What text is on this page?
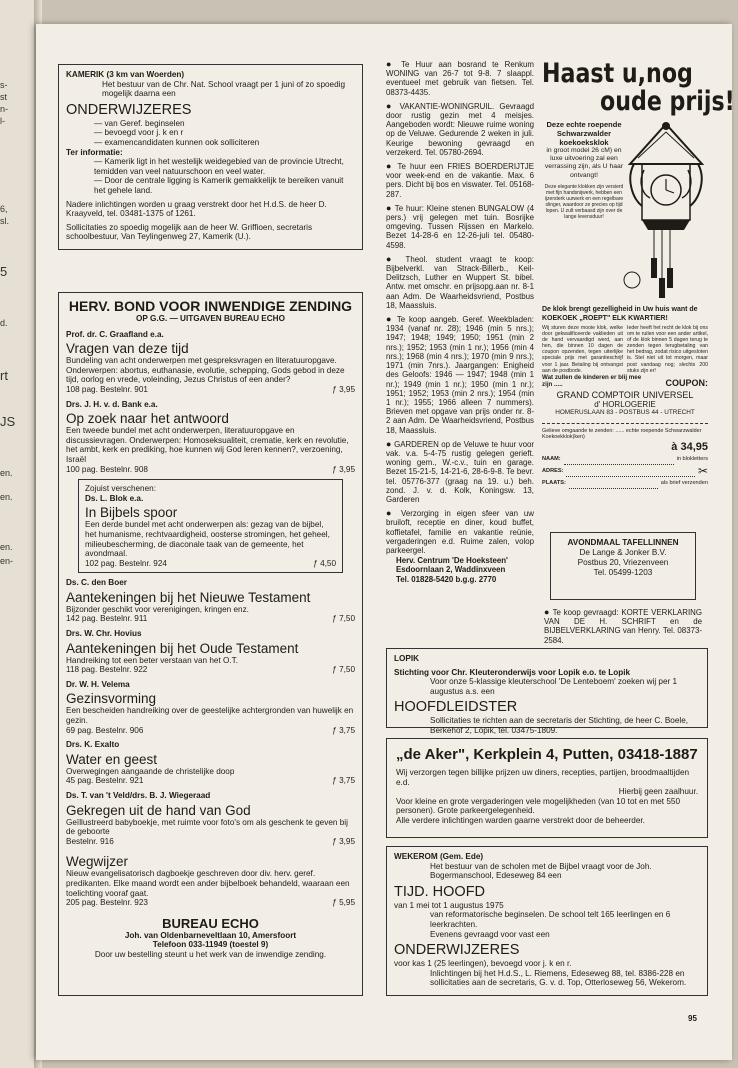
s-
st
n-
l-
6,
sl.
5
d.
rt
JS
en.
en.
en.
en-
KAMERIK (3 km van Woerden)
Het bestuur van de Chr. Nat. School vraagt per 1 juni of zo spoedig mogelijk daarna een
ONDERWIJZERES
— van Geref. beginselen
— bevoegd voor j. k en r
— examencandidaten kunnen ook solliciteren
Ter informatie:
— Kamerik ligt in het westelijk weidegebied van de provincie Utrecht, temidden van veel natuurschoon en veel water.
— Door de centrale ligging is Kamerik gemakkelijk te bereiken vanuit het gehele land.
Nadere inlichtingen worden u graag verstrekt door het H.d.S. de heer D. Kraayveld, tel. 03481-1375 of 1261.
Sollicitaties zo spoedig mogelijk aan de heer W. Griffioen, secretaris schoolbestuur, Van Teylingenweg 27, Kamerik (U.).
HERV. BOND VOOR INWENDIGE ZENDING
OP G.G. — UITGAVEN BUREAU ECHO
Prof. dr. C. Graafland e.a.
Vragen van deze tijd
Bundeling van acht onderwerpen met gespreksvragen en literatuuropgave. Onderwerpen: abortus, euthanasie, evolutie, schepping, Gods gebod in deze tijd, oorlog en vrede, voleinding, Jezus Christus of een ander?
108 pag. Bestelnr. 901	ƒ 3,95
Drs. J. H. v. d. Bank e.a.
Op zoek naar het antwoord
Een tweede bundel met acht onderwerpen, literatuuropgave en discussievragen. Onderwerpen: Homoseksualiteit, crematie, kerk en revolutie, het ambt, kerk en prediking, hoe kunnen wij God leren kennen?, verzoening, Israël
100 pag. Bestelnr. 908	ƒ 3,95
Zojuist verschenen:
Ds. L. Blok e.a.
In Bijbels spoor
Een derde bundel met acht onderwerpen als: gezag van de bijbel, het humanisme, rechtvaardigheid, oosterse stromingen, het geheel, milieubescherming, de diaconale taak van de gemeente, het avondmaal.
102 pag. Bestelnr. 924	ƒ 4,50
Ds. C. den Boer
Aantekeningen bij het Nieuwe Testament
Bijzonder geschikt voor verenigingen, kringen enz.
142 pag. Bestelnr. 911	ƒ 7,50
Drs. W. Chr. Hovius
Aantekeningen bij het Oude Testament
Handreiking tot een beter verstaan van het O.T.
118 pag. Bestelnr. 922	ƒ 7,50
Dr. W. H. Velema
Gezinsvorming
Een bescheiden handreiking over de geestelijke achtergronden van huwelijk en gezin.
69 pag. Bestelnr. 906	ƒ 3,75
Drs. K. Exalto
Water en geest
Overwegingen aangaande de christelijke doop
45 pag. Bestelnr. 921	ƒ 3,75
Ds. T. van 't Veld/drs. B. J. Wiegeraad
Gekregen uit de hand van God
Geïllustreerd babyboekje, met ruimte voor foto's om als geschenk te geven bij de geboorte
Bestelnr. 916	ƒ 3,95
Wegwijzer
Nieuw evangelisatorisch dagboekje geschreven door div. herv. geref. predikanten. Elke maand wordt een ander bijbelboek behandeld, waaraan een toelichting vooraf gaat.
205 pag. Bestelnr. 923	ƒ 5,95
BUREAU ECHO
Joh. van Oldenbarneveltlaan 10, Amersfoort
Telefoon 033-11949 (toestel 9)
Door uw bestelling steunt u het werk van de inwendige zending.

● Te Huur aan bosrand te Renkum WONING van 26-7 tot 9-8. 7 slaappl. eventueel met gebruik van fietsen. Tel. 08373-4435.

● VAKANTIE-WONINGRUIL. Gevraagd door rustig gezin met 4 meisjes. Aangeboden wordt: Nieuwe ruime woning op de Veluwe. Gedurende 2 weken in juli. Keurige bewoning gevraagd en verzekerd. Tel. 05780-2694.

● Te huur een FRIES BOERDERIJTJE voor week-end en de vakantie. Max. 6 pers. Dicht bij bos en viswater. Tel. 05168-287.

● Te huur: Kleine stenen BUNGALOW (4 pers.) vrij gelegen met tuin. Bosrijke omgeving. Tussen Rijssen en Markelo. Bezet 14-28-6 en 12-26-juli tel. 05480-4598.

● Theol. student vraagt te koop: Bijbelverkl. van Strack-Billerb., Keil-Delitzsch, Luther en Wuppert St. bibel. Antw. met omschr. en prijsopg.aan nr. 8-1 aan Adm. De Waarheidsvriend, Postbus 18, Maassluis.

● Te koop aangeb. Geref. Weekbladen: 1934 (vanaf nr. 28); 1946 (min 5 nrs.); 1947; 1948; 1949; 1950; 1951 (min 2 nrs.); 1952; 1953 (min 1 nr.); 1956 (min 4 nrs.); 1968 (min 4 nrs.); 1970 (min 9 nrs.); 1971 (min 7nrs.). Jaargangen: Enigheid des Geloofs: 1946 — 1947; 1948 (min 1 nr.); 1949 (min 1 nr.); 1950 (min 1 nr.); 1951; 1952; 1953 (min 2 nrs.); 1954 (min 1 nr.); 1955; 1966 alleen 7 nummers). Brieven met opgave van prijs onder nr. 8-2 aan Adm. De Waarheidsvriend, Postbus 18, Maassluis.

● GARDEREN op de Veluwe te huur voor vak. v.a. 5-4-75 rustig gelegen gerieft. woning gem., W.-c.v., tuin en garage. Bezet 15-21-5, 14-21-6, 28-6-9-8. Te bevr. tel. 05776-377 (graag na 19. u.) beh. zond. J. v. d. Kolk, Koningsw. 13, Garderen

● Verzorging in eigen sfeer van uw bruiloft, receptie en diner, koud buffet, koffietafel, familie en vakantie reünie, vergaderingen e.d. Ruime zalen, volop parkeergel.

Herv. Centrum 'De Hoeksteen'
Esdoornlaan 2, Waddinxveen
Tel. 01828-5420 b.g.g. 2770
Haast u,nog
oude prijs!
Deze echte roepende Schwarzwalder koekoeksklok
in groot model 26 cM) en luxe uitvoering zal een verrassing zijn, als U haar ontvangt!
Deze elegante klokken zijn versierd met fijn handsnijwerk, hebben een ijzersterk uurwerk en een regelbare slinger, waardoor ze precies op tijd lopen. U zult verbaasd zijn over de lange levensduur!
De klok brengt gezelligheid in Uw huis want de KOEKOEK „ROEPT" ELK KWARTIER!
Wij sturen deze mooie klok, welke door gekwalificeerde vaklieden uit de hand vervaardigd werd, aan hen, die binnen 10 dagen de coupon opzenden, tegen uiterlijke speciale prijs met garantieschrijf voor 1 jaar. Betaling bij ontvangst aan de postbode.
Ieder heeft het recht de klok bij ons om te ruilen voor een ander artikel, of de klok binnen 5 dagen terug te zenden tegen terugbetaling van het bedrag, zodat risico uitgesloten is. Stel niet uit tot morgen, maar post vandaag nog; slechts 200 stuks zijn er!
Wat zullen de kinderen er blij mee zijn .....	COUPON:
GRAND COMPTOIR UNIVERSEL
d' HORLOGERIE
HOMERUSLAAN 83 - POSTBUS 44 - UTRECHT
Gelieve omgaande te zenden: ...... echte roepende Schwarzwalder Koekoekklok(ken)
à 34,95
NAAM:	in blokletters
ADRES:	✂
PLAATS:	als brief verzenden
AVONDMAAL TAFELLINNEN
De Lange & Jonker B.V.
Postbus 20, Vriezenveen
Tel. 05499-1203

● Te koop gevraagd: KORTE VERKLARING VAN DE H. SCHRIFT en de BIJBELVERKLARING van Henry. Tel. 08373-2584.

LOPIK
Stichting voor Chr. Kleuteronderwijs voor Lopik e.o. te Lopik
Voor onze 5-klassige kleuterschool 'De Lenteboem' zoeken wij per 1 augustus a.s. een
HOOFDLEIDSTER
Sollicitaties te richten aan de secretaris der Stichting, de heer C. Boele, Berkehof 2, Lopik, tel. 03475-1809.
„de Aker", Kerkplein 4, Putten, 03418-1887
Wij verzorgen tegen billijke prijzen uw diners, recepties, partijen, broodmaaltijden e.d.
Hierbij geen zaalhuur.
Voor kleine en grote vergaderingen vele mogelijkheden (van 10 tot en met 550 personen). Grote parkeergelegenheid.
Alle verdere inlichtingen warden gaarne verstrekt door de beheerder.
WEKEROM (Gem. Ede)
Het bestuur van de scholen met de Bijbel vraagt voor de Joh. Bogermanschool, Edeseweg 84 een
TIJD. HOOFD
van 1 mei tot 1 augustus 1975
van reformatorische beginselen. De school telt 165 leerlingen en 6 leerkrachten.
Evenens gevraagd voor vast een
ONDERWIJZERES
voor kas 1 (25 leerlingen), bevoegd voor j. k en r.
Inlichtingen bij het H.d.S., L. Riemens, Edeseweg 88, tel. 8386-228 en sollicitaties aan de secretaris, G. v. d. Top, Otterloseweg 56, Wekerom.
95
